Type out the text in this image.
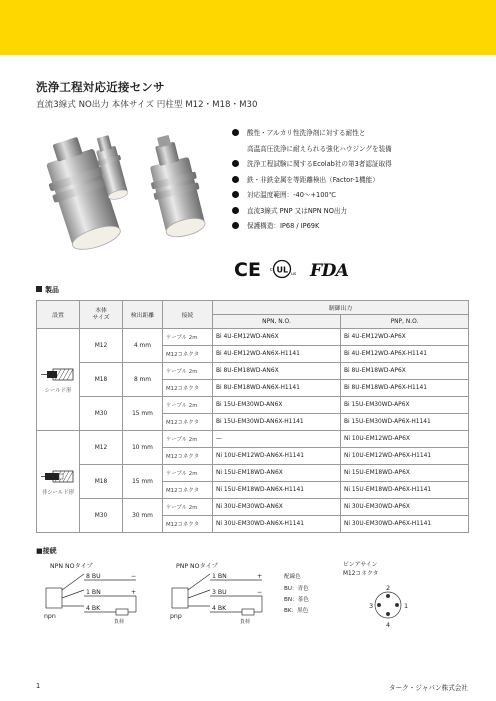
洗浄工程対応近接センサ
直流3線式 NO出力 本体サイズ 円柱型 M12・M18・M30
酸性・アルカリ性洗浄剤に対する耐性と
高温高圧洗浄に耐えられる強化ハウジングを装備
洗浄工程試験に関するEcolab社の第3者認証取得
鉄・非鉄金属を等距離検出（Factor-1機能）
対応温度範囲：-40〜+100℃
直流3線式 PNP 又はNPN NO出力
保護構造：IP68 / IP69K
CE c UL us FDA
製品
設置	本体
サイズ	検出距離	接続	制御出力	
				NPN, N.O.	PNP, N.O.

シールド形	M12	4 mm	ケーブル 2m	Bi 4U-EM12WD-AN6X	Bi 4U-EM12WD-AP6X
			M12コネクタ	Bi 4U-EM12WD-AN6X-H1141	Bi 4U-EM12WD-AP6X-H1141
	M18	8 mm	ケーブル 2m	Bi 8U-EM18WD-AN6X	Bi 8U-EM18WD-AP6X
			M12コネクタ	Bi 8U-EM18WD-AN6X-H1141	Bi 8U-EM18WD-AP6X-H1141
	M30	15 mm	ケーブル 2m	Bi 15U-EM30WD-AN6X	Bi 15U-EM30WD-AP6X
			M12コネクタ	Bi 15U-EM30WD-AN6X-H1141	Bi 15U-EM30WD-AP6X-H1141

非シールド形	M12	10 mm	ケーブル 2m	—	Ni 10U-EM12WD-AP6X
			M12コネクタ	Ni 10U-EM12WD-AN6X-H1141	Ni 10U-EM12WD-AP6X-H1141
	M18	15 mm	ケーブル 2m	Ni 15U-EM18WD-AN6X	Ni 15U-EM18WD-AP6X
			M12コネクタ	Ni 15U-EM18WD-AN6X-H1141	Ni 15U-EM18WD-AP6X-H1141
	M30	30 mm	ケーブル 2m	Ni 30U-EM30WD-AN6X	Ni 30U-EM30WD-AP6X
			M12コネクタ	Ni 30U-EM30WD-AN6X-H1141	Ni 30U-EM30WD-AP6X-H1141
■接続
NPN NOタイプ
8 BU
1 BN
4 BK
−
+
負荷
npn
PNP NOタイプ
1 BN
3 BU
4 BK
+
−
負荷
pnp
配線色
BU：青色
BN：茶色
BK：黒色
ピンアサイン
M12コネクタ
2
3	1
4
1	ターク・ジャパン株式会社
